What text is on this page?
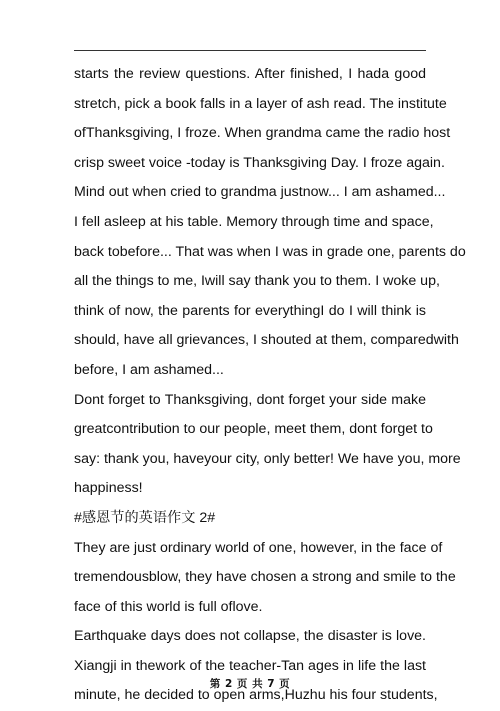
starts the review questions. After finished, I hada good
stretch, pick a book falls in a layer of ash read. The institute
ofThanksgiving, I froze. When grandma came the radio host
crisp sweet voice -today is Thanksgiving Day. I froze again.
Mind out when cried to grandma justnow... I am ashamed...
I fell asleep at his table. Memory through time and space,
back tobefore... That was when I was in grade one, parents do
all the things to me, Iwill say thank you to them. I woke up,
think of now, the parents for everythingI do I will think is
should, have all grievances, I shouted at them, comparedwith
before, I am ashamed...
Dont forget to Thanksgiving, dont forget your side make
greatcontribution to our people, meet them, dont forget to
say: thank you, haveyour city, only better! We have you, more
happiness!
#感恩节的英语作文 2#
They are just ordinary world of one, however, in the face of
tremendousblow, they have chosen a strong and smile to the
face of this world is full oflove.
Earthquake days does not collapse, the disaster is love.
Xiangji in thework of the teacher-Tan ages in life the last
minute, he decided to open arms,Huzhu his four students,
第 2 页 共 7 页
